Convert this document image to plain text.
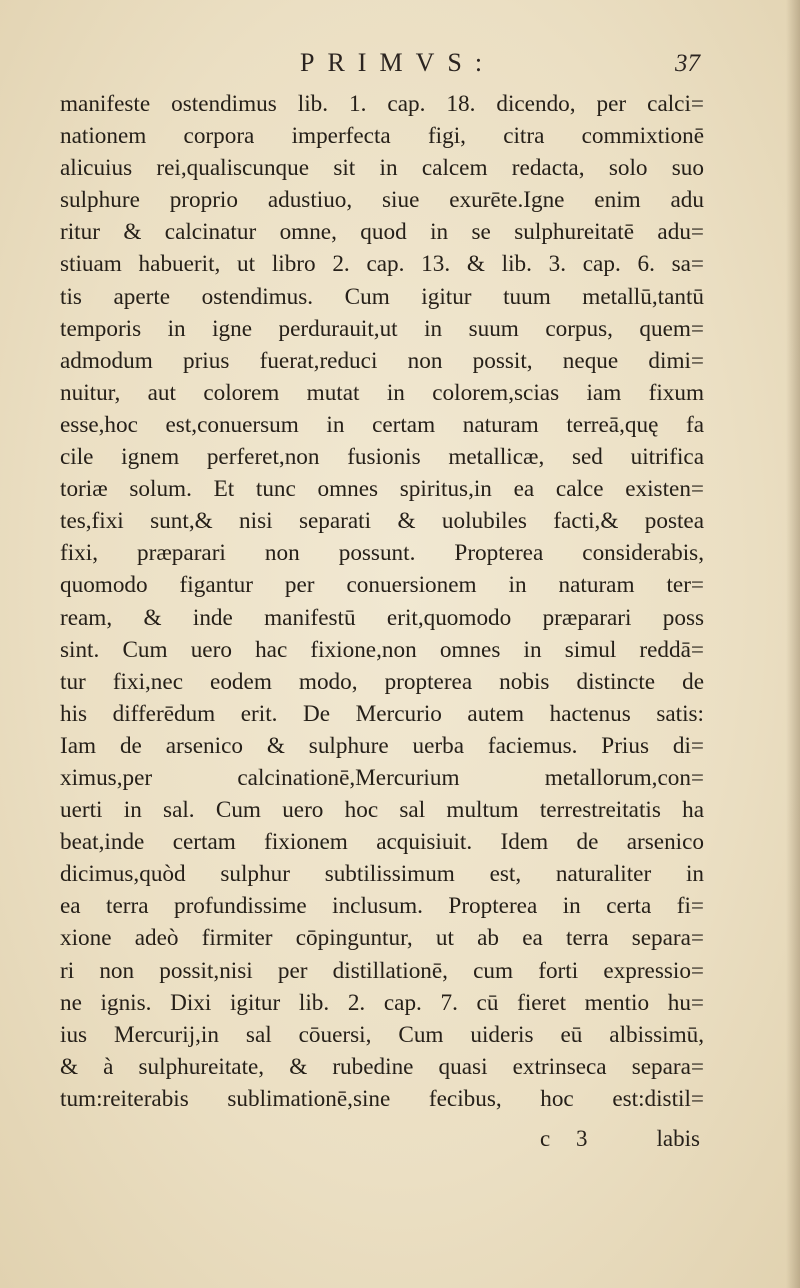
PRIMVS:	37
manifeste ostendimus lib. 1. cap. 18. dicendo, per calci=
nationem corpora imperfecta figi, citra commixtionē
alicuius rei,qualiscunque sit in calcem redacta, solo suo
sulphure proprio adustiuo, siue exurēte.Igne enim adu
ritur & calcinatur omne, quod in se sulphureitatē adu=
stiuam habuerit, ut libro 2. cap. 13. & lib. 3. cap. 6. sa=
tis aperte ostendimus. Cum igitur tuum metallū,tantū
temporis in igne perdurauit,ut in suum corpus, quem=
admodum prius fuerat,reduci non possit, neque dimi=
nuitur, aut colorem mutat in colorem,scias iam fixum
esse,hoc est,conuersum in certam naturam terreā,quę fa
cile ignem perferet,non fusionis metallicæ, sed uitrifica
toriæ solum. Et tunc omnes spiritus,in ea calce existen=
tes,fixi sunt,& nisi separati & uolubiles facti,& postea
fixi, præparari non possunt. Propterea considerabis,
quomodo figantur per conuersionem in naturam ter=
ream, & inde manifestū erit,quomodo præparari poss
sint. Cum uero hac fixione,non omnes in simul reddā=
tur fixi,nec eodem modo, propterea nobis distincte de
his differēdum erit. De Mercurio autem hactenus satis:
Iam de arsenico & sulphure uerba faciemus. Prius di=
ximus,per calcinationē,Mercurium metallorum,con=
uerti in sal. Cum uero hoc sal multum terrestreitatis ha
beat,inde certam fixionem acquisiuit. Idem de arsenico
dicimus,quòd sulphur subtilissimum est, naturaliter in
ea terra profundissime inclusum. Propterea in certa fi=
xione adeò firmiter cōpinguntur, ut ab ea terra separa=
ri non possit,nisi per distillationē, cum forti expressio=
ne ignis. Dixi igitur lib. 2. cap. 7. cū fieret mentio hu=
ius Mercurij,in sal cōuersi, Cum uideris eū albissimū,
& à sulphureitate, & rubedine quasi extrinseca separa=
tum:reiterabis sublimationē,sine fecibus, hoc est:distil=
c 3	labis
